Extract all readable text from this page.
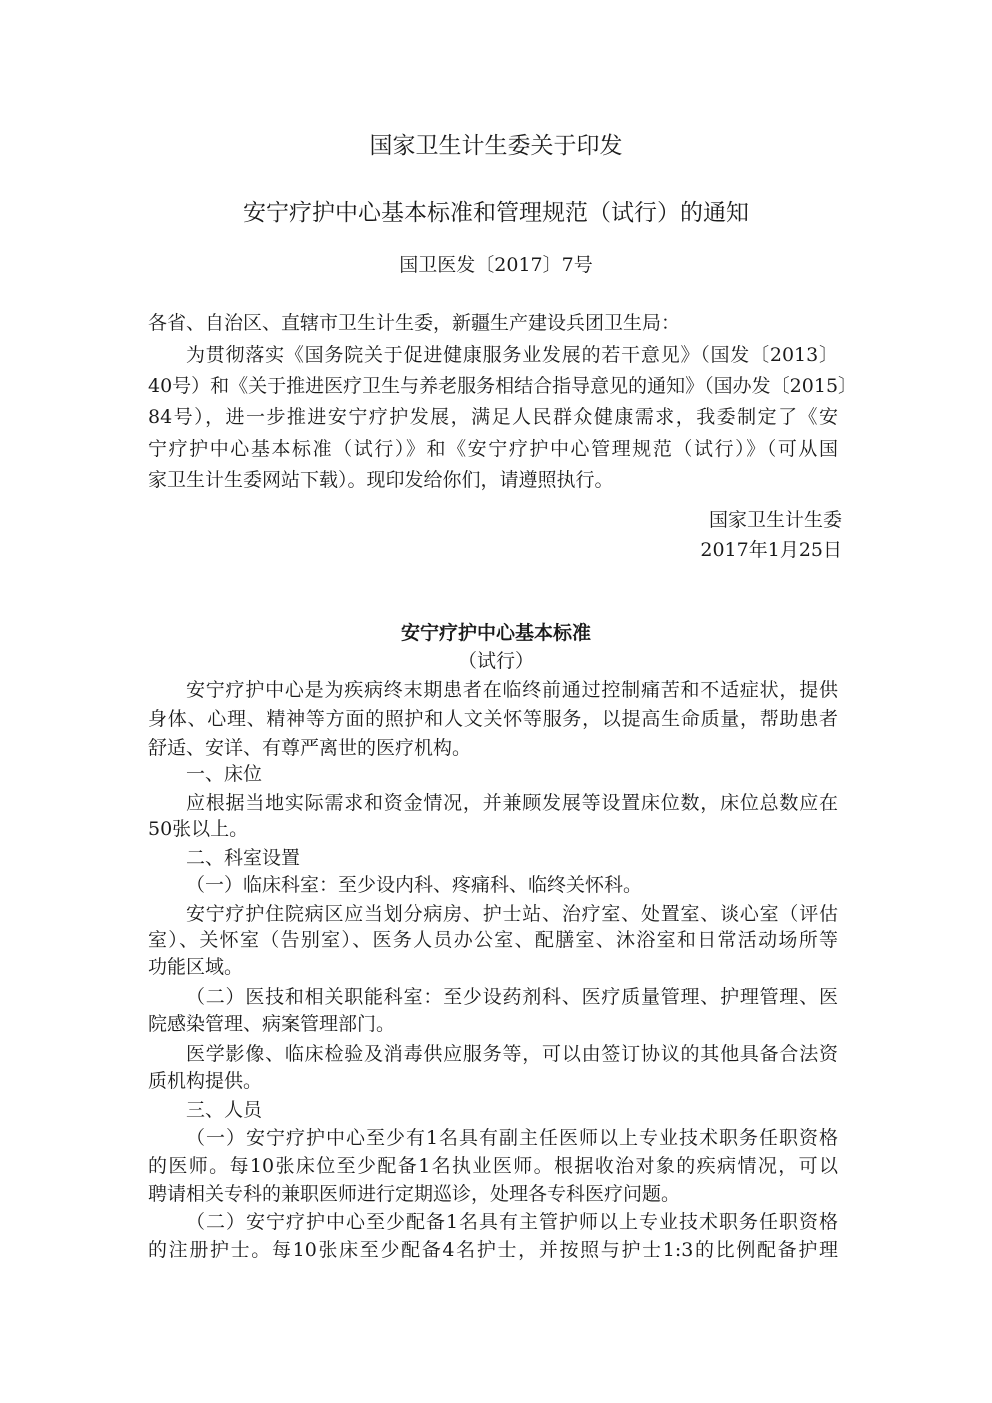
国家卫生计生委关于印发
安宁疗护中心基本标准和管理规范（试行）的通知
国卫医发〔2017〕7号
各省、自治区、直辖市卫生计生委，新疆生产建设兵团卫生局：
为贯彻落实《国务院关于促进健康服务业发展的若干意见》（国发〔2013〕
40号）和《关于推进医疗卫生与养老服务相结合指导意见的通知》（国办发〔2015〕
84号），进一步推进安宁疗护发展，满足人民群众健康需求，我委制定了《安
宁疗护中心基本标准（试行）》和《安宁疗护中心管理规范（试行）》（可从国
家卫生计生委网站下载）。现印发给你们，请遵照执行。
国家卫生计生委
2017年1月25日
安宁疗护中心基本标准
（试行）
安宁疗护中心是为疾病终末期患者在临终前通过控制痛苦和不适症状，提供
身体、心理、精神等方面的照护和人文关怀等服务，以提高生命质量，帮助患者
舒适、安详、有尊严离世的医疗机构。
一、床位
应根据当地实际需求和资金情况，并兼顾发展等设置床位数，床位总数应在
50张以上。
二、科室设置
（一）临床科室：至少设内科、疼痛科、临终关怀科。
安宁疗护住院病区应当划分病房、护士站、治疗室、处置室、谈心室（评估
室）、关怀室（告别室）、医务人员办公室、配膳室、沐浴室和日常活动场所等
功能区域。
（二）医技和相关职能科室：至少设药剂科、医疗质量管理、护理管理、医
院感染管理、病案管理部门。
医学影像、临床检验及消毒供应服务等，可以由签订协议的其他具备合法资
质机构提供。
三、人员
（一）安宁疗护中心至少有1名具有副主任医师以上专业技术职务任职资格
的医师。每10张床位至少配备1名执业医师。根据收治对象的疾病情况，可以
聘请相关专科的兼职医师进行定期巡诊，处理各专科医疗问题。
（二）安宁疗护中心至少配备1名具有主管护师以上专业技术职务任职资格
的注册护士。每10张床至少配备4名护士，并按照与护士1:3的比例配备护理
